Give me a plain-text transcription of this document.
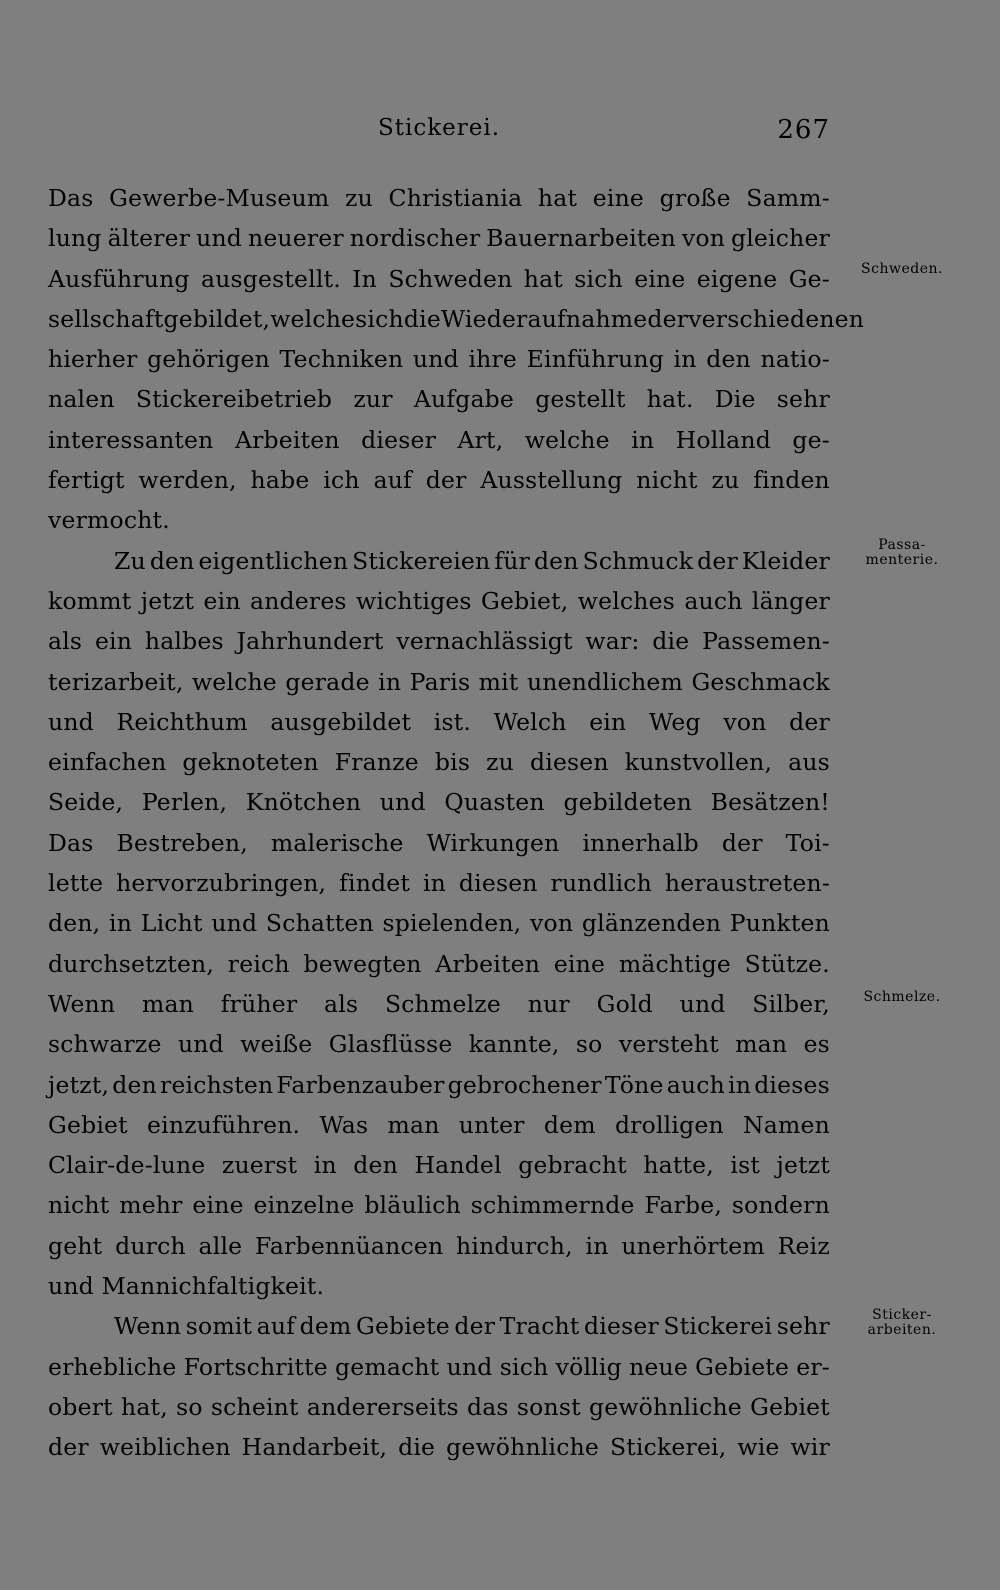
Stickerei.	267
Das Gewerbe-Museum zu Christiania hat eine große Samm-
lung älterer und neuerer nordischer Bauernarbeiten von gleicher
Ausführung ausgestellt. In Schweden hat sich eine eigene Ge-
sellschaft gebildet, welche sich die Wiederaufnahme der verschiedenen
hierher gehörigen Techniken und ihre Einführung in den natio-
nalen Stickereibetrieb zur Aufgabe gestellt hat. Die sehr
interessanten Arbeiten dieser Art, welche in Holland ge-
fertigt werden, habe ich auf der Ausstellung nicht zu finden
vermocht.
Zu den eigentlichen Stickereien für den Schmuck der Kleider
kommt jetzt ein anderes wichtiges Gebiet, welches auch länger
als ein halbes Jahrhundert vernachlässigt war: die Passemen-
terizarbeit, welche gerade in Paris mit unendlichem Geschmack
und Reichthum ausgebildet ist. Welch ein Weg von der
einfachen geknoteten Franze bis zu diesen kunstvollen, aus
Seide, Perlen, Knötchen und Quasten gebildeten Besätzen!
Das Bestreben, malerische Wirkungen innerhalb der Toi-
lette hervorzubringen, findet in diesen rundlich heraustreten-
den, in Licht und Schatten spielenden, von glänzenden Punkten
durchsetzten, reich bewegten Arbeiten eine mächtige Stütze.
Wenn man früher als Schmelze nur Gold und Silber,
schwarze und weiße Glasflüsse kannte, so versteht man es
jetzt, den reichsten Farbenzauber gebrochener Töne auch in dieses
Gebiet einzuführen. Was man unter dem drolligen Namen
Clair-de-lune zuerst in den Handel gebracht hatte, ist jetzt
nicht mehr eine einzelne bläulich schimmernde Farbe, sondern
geht durch alle Farbennüancen hindurch, in unerhörtem Reiz
und Mannichfaltigkeit.
Wenn somit auf dem Gebiete der Tracht dieser Stickerei sehr
erhebliche Fortschritte gemacht und sich völlig neue Gebiete er-
obert hat, so scheint andererseits das sonst gewöhnliche Gebiet
der weiblichen Handarbeit, die gewöhnliche Stickerei, wie wir
Schweden.
Passa-
menterie.
Schmelze.
Sticker-
arbeiten.
